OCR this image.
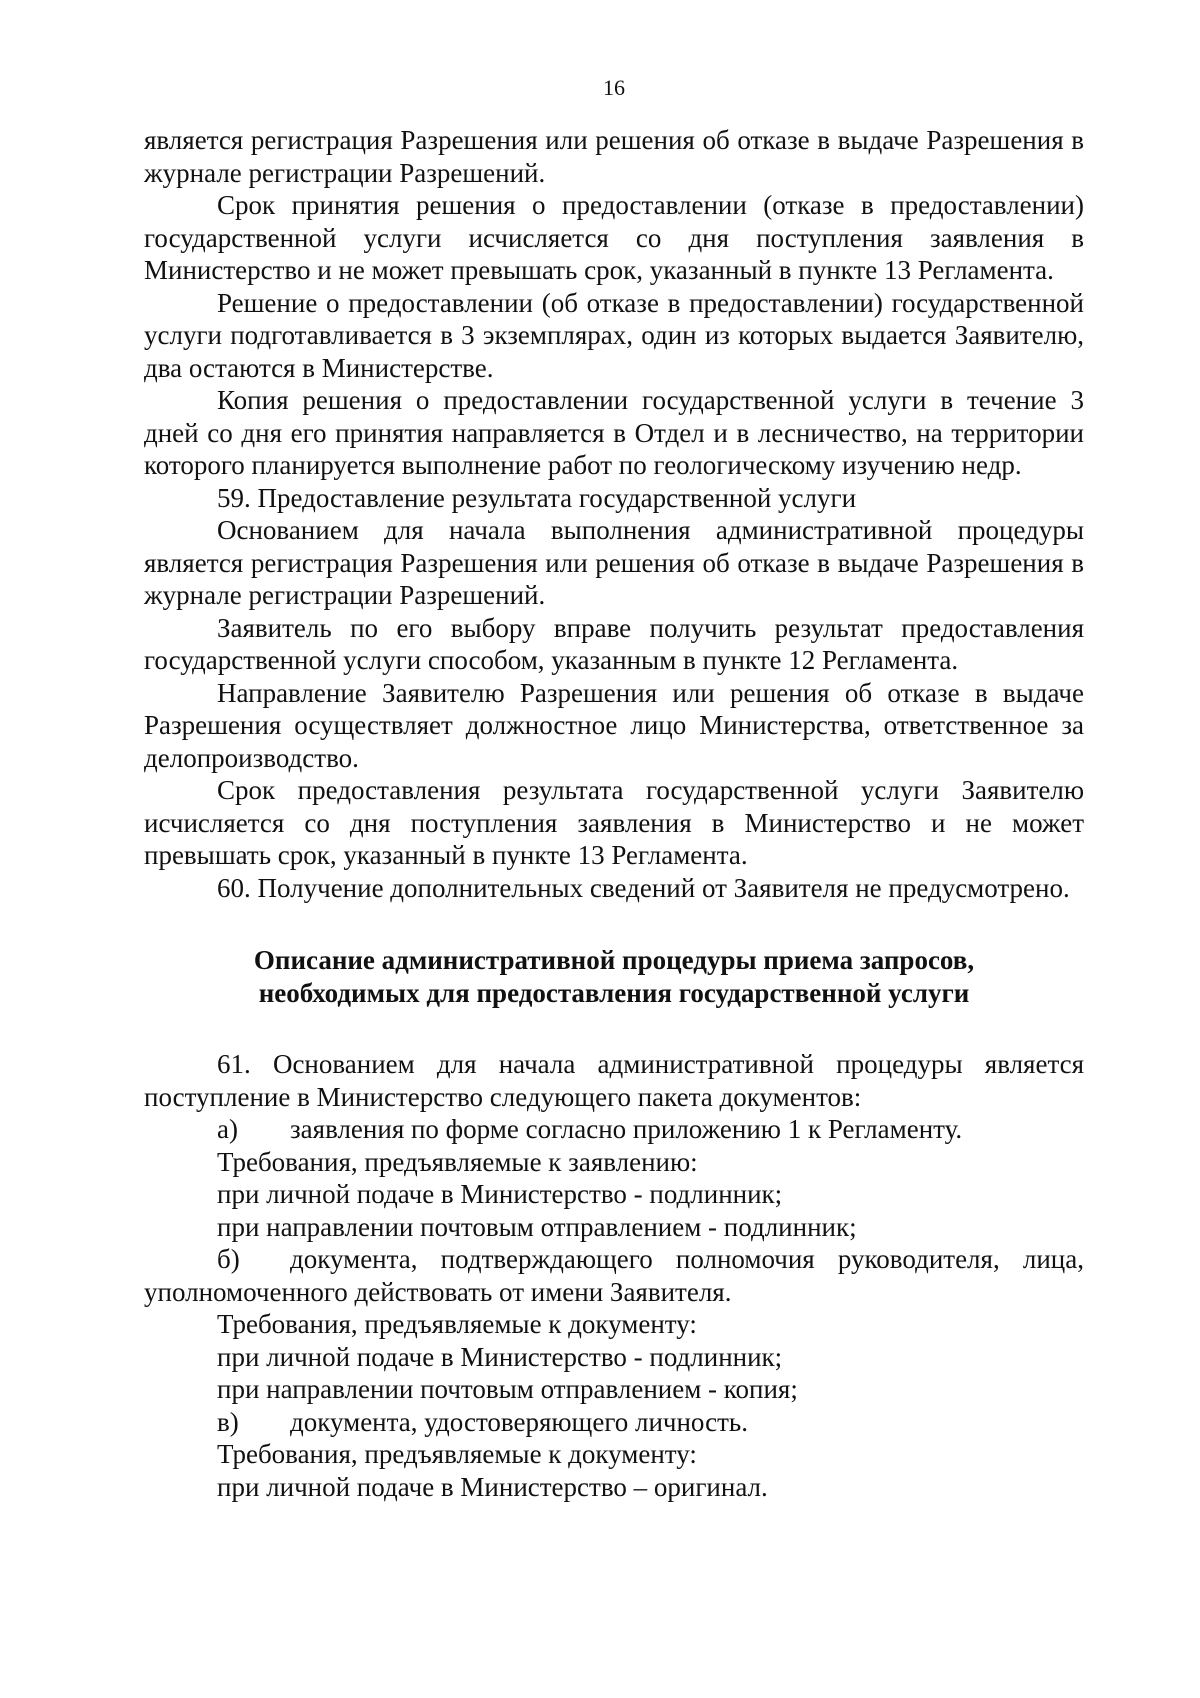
16

является регистрация Разрешения или решения об отказе в выдаче Разрешения в журнале регистрации Разрешений.

Срок принятия решения о предоставлении (отказе в предоставлении) государственной услуги исчисляется со дня поступления заявления в Министерство и не может превышать срок, указанный в пункте 13 Регламента.

Решение о предоставлении (об отказе в предоставлении) государственной услуги подготавливается в 3 экземплярах, один из которых выдается Заявителю, два остаются в Министерстве.

Копия решения о предоставлении государственной услуги в течение 3 дней со дня его принятия направляется в Отдел и в лесничество, на территории которого планируется выполнение работ по геологическому изучению недр.

59. Предоставление результата государственной услуги

Основанием для начала выполнения административной процедуры является регистрация Разрешения или решения об отказе в выдаче Разрешения в журнале регистрации Разрешений.

Заявитель по его выбору вправе получить результат предоставления государственной услуги способом, указанным в пункте 12 Регламента.

Направление Заявителю Разрешения или решения об отказе в выдаче Разрешения осуществляет должностное лицо Министерства, ответственное за делопроизводство.

Срок предоставления результата государственной услуги Заявителю исчисляется со дня поступления заявления в Министерство и не может превышать срок, указанный в пункте 13 Регламента.

60. Получение дополнительных сведений от Заявителя не предусмотрено.

Описание административной процедуры приема запросов,
необходимых для предоставления государственной услуги

61. Основанием для начала административной процедуры является поступление в Министерство следующего пакета документов:

а) заявления по форме согласно приложению 1 к Регламенту.

Требования, предъявляемые к заявлению:

при личной подаче в Министерство - подлинник;

при направлении почтовым отправлением - подлинник;

б) документа, подтверждающего полномочия руководителя, лица, уполномоченного действовать от имени Заявителя.

Требования, предъявляемые к документу:

при личной подаче в Министерство - подлинник;

при направлении почтовым отправлением - копия;

в) документа, удостоверяющего личность.

Требования, предъявляемые к документу:

при личной подаче в Министерство – оригинал.
